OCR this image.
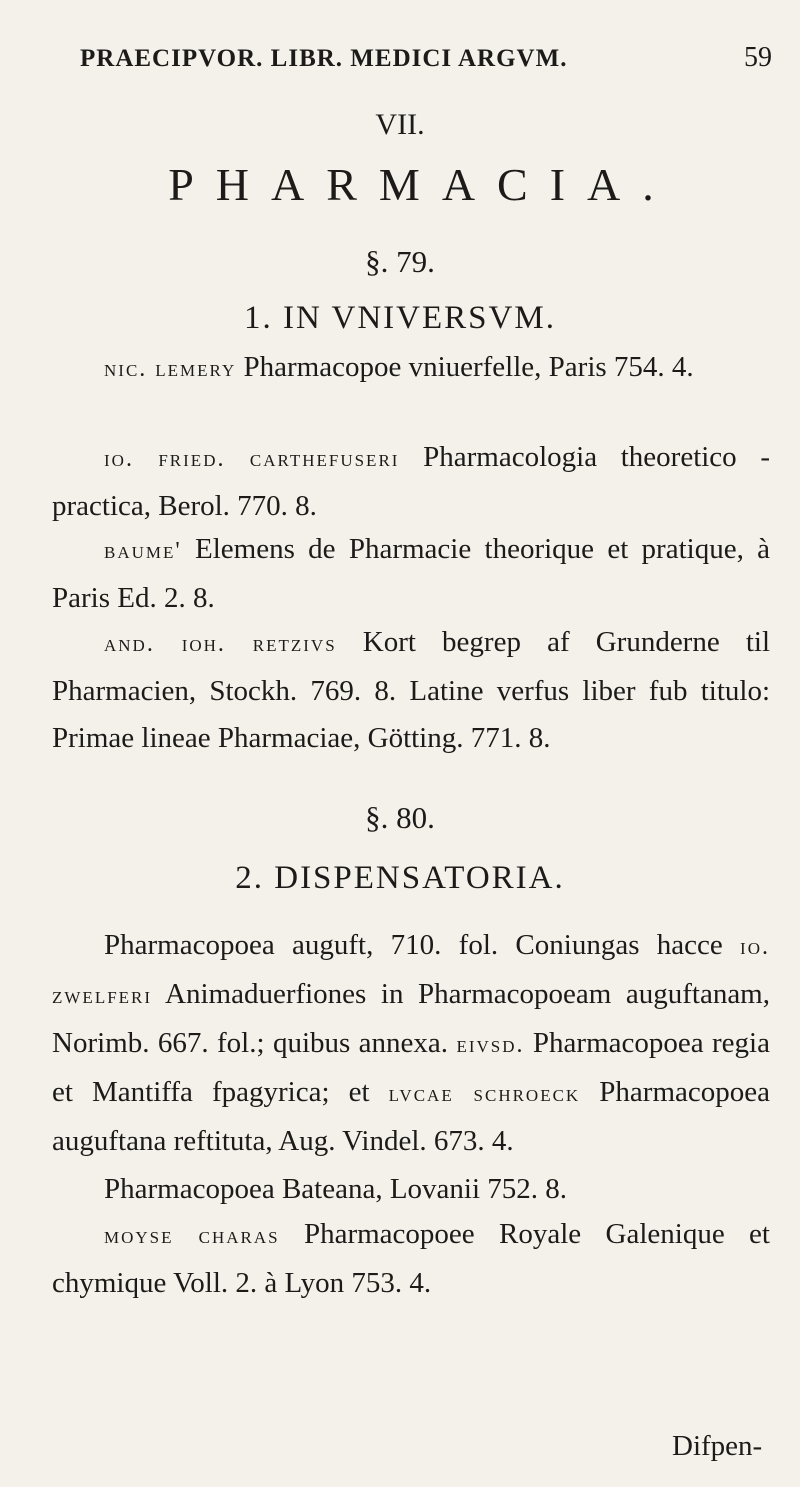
PRAECIPVOR. LIBR. MEDICI ARGVM.	59
VII.
PHARMACIA.
§. 79.
1. IN VNIVERSVM.
nic. lemery Pharmacopoe vniuerfelle, Paris 754. 4.
io. fried. carthefuseri Pharmacologia theoretico - practica, Berol. 770. 8.
baume' Elemens de Pharmacie theorique et pratique, à Paris Ed. 2. 8.
and. ioh. retzivs Kort begrep af Grunderne til Pharmacien, Stockh. 769. 8. Latine verfus liber fub titulo: Primae lineae Pharmaciae, Götting. 771. 8.
§. 80.
2. DISPENSATORIA.
Pharmacopoea auguft, 710. fol. Coniungas hacce io. zwelferi Animaduerfiones in Pharmacopoeam auguftanam, Norimb. 667. fol.; quibus annexa. eivsd. Pharmacopoea regia et Mantiffa fpagyrica; et lvcae schroeck Pharmacopoea auguftana reftituta, Aug. Vindel. 673. 4.
Pharmacopoea Bateana, Lovanii 752. 8.
moyse charas Pharmacopoee Royale Galenique et chymique Voll. 2. à Lyon 753. 4.
Difpen-
